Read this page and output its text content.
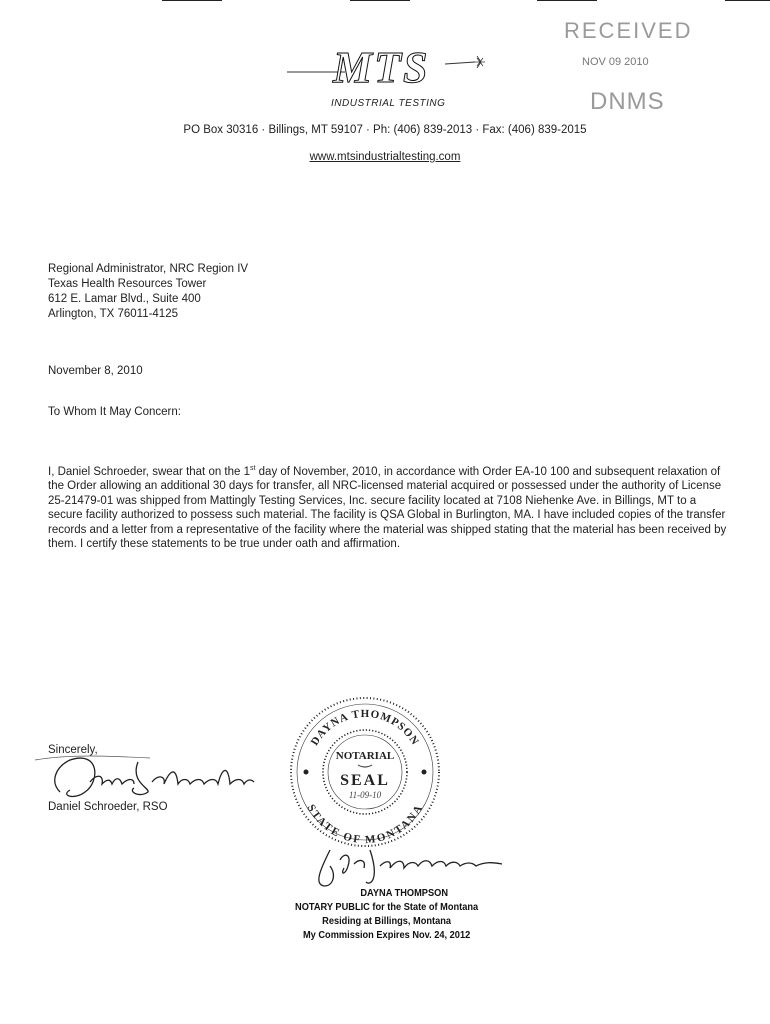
MTS
INDUSTRIAL TESTING
RECEIVED
NOV 09 2010
DNMS
PO Box 30316 · Billings, MT 59107 · Ph: (406) 839-2013 · Fax: (406) 839-2015
www.mtsindustrialtesting.com
Regional Administrator, NRC Region IV
Texas Health Resources Tower
612 E. Lamar Blvd., Suite 400
Arlington, TX 76011-4125
November 8, 2010
To Whom It May Concern:
I, Daniel Schroeder, swear that on the 1st day of November, 2010, in accordance with Order EA-10 100 and subsequent relaxation of the Order allowing an additional 30 days for transfer, all NRC-licensed material acquired or possessed under the authority of License 25-21479-01 was shipped from Mattingly Testing Services, Inc. secure facility located at 7108 Niehenke Ave. in Billings, MT to a secure facility authorized to possess such material. The facility is QSA Global in Burlington, MA. I have included copies of the transfer records and a letter from a representative of the facility where the material was shipped stating that the material has been received by them. I certify these statements to be true under oath and affirmation.
Sincerely,
Daniel Schroeder, RSO
DAYNA THOMPSON
STATE OF MONTANA
NOTARIAL
SEAL
11-09-10
DAYNA THOMPSON
NOTARY PUBLIC for the State of Montana
Residing at Billings, Montana
My Commission Expires Nov. 24, 2012
